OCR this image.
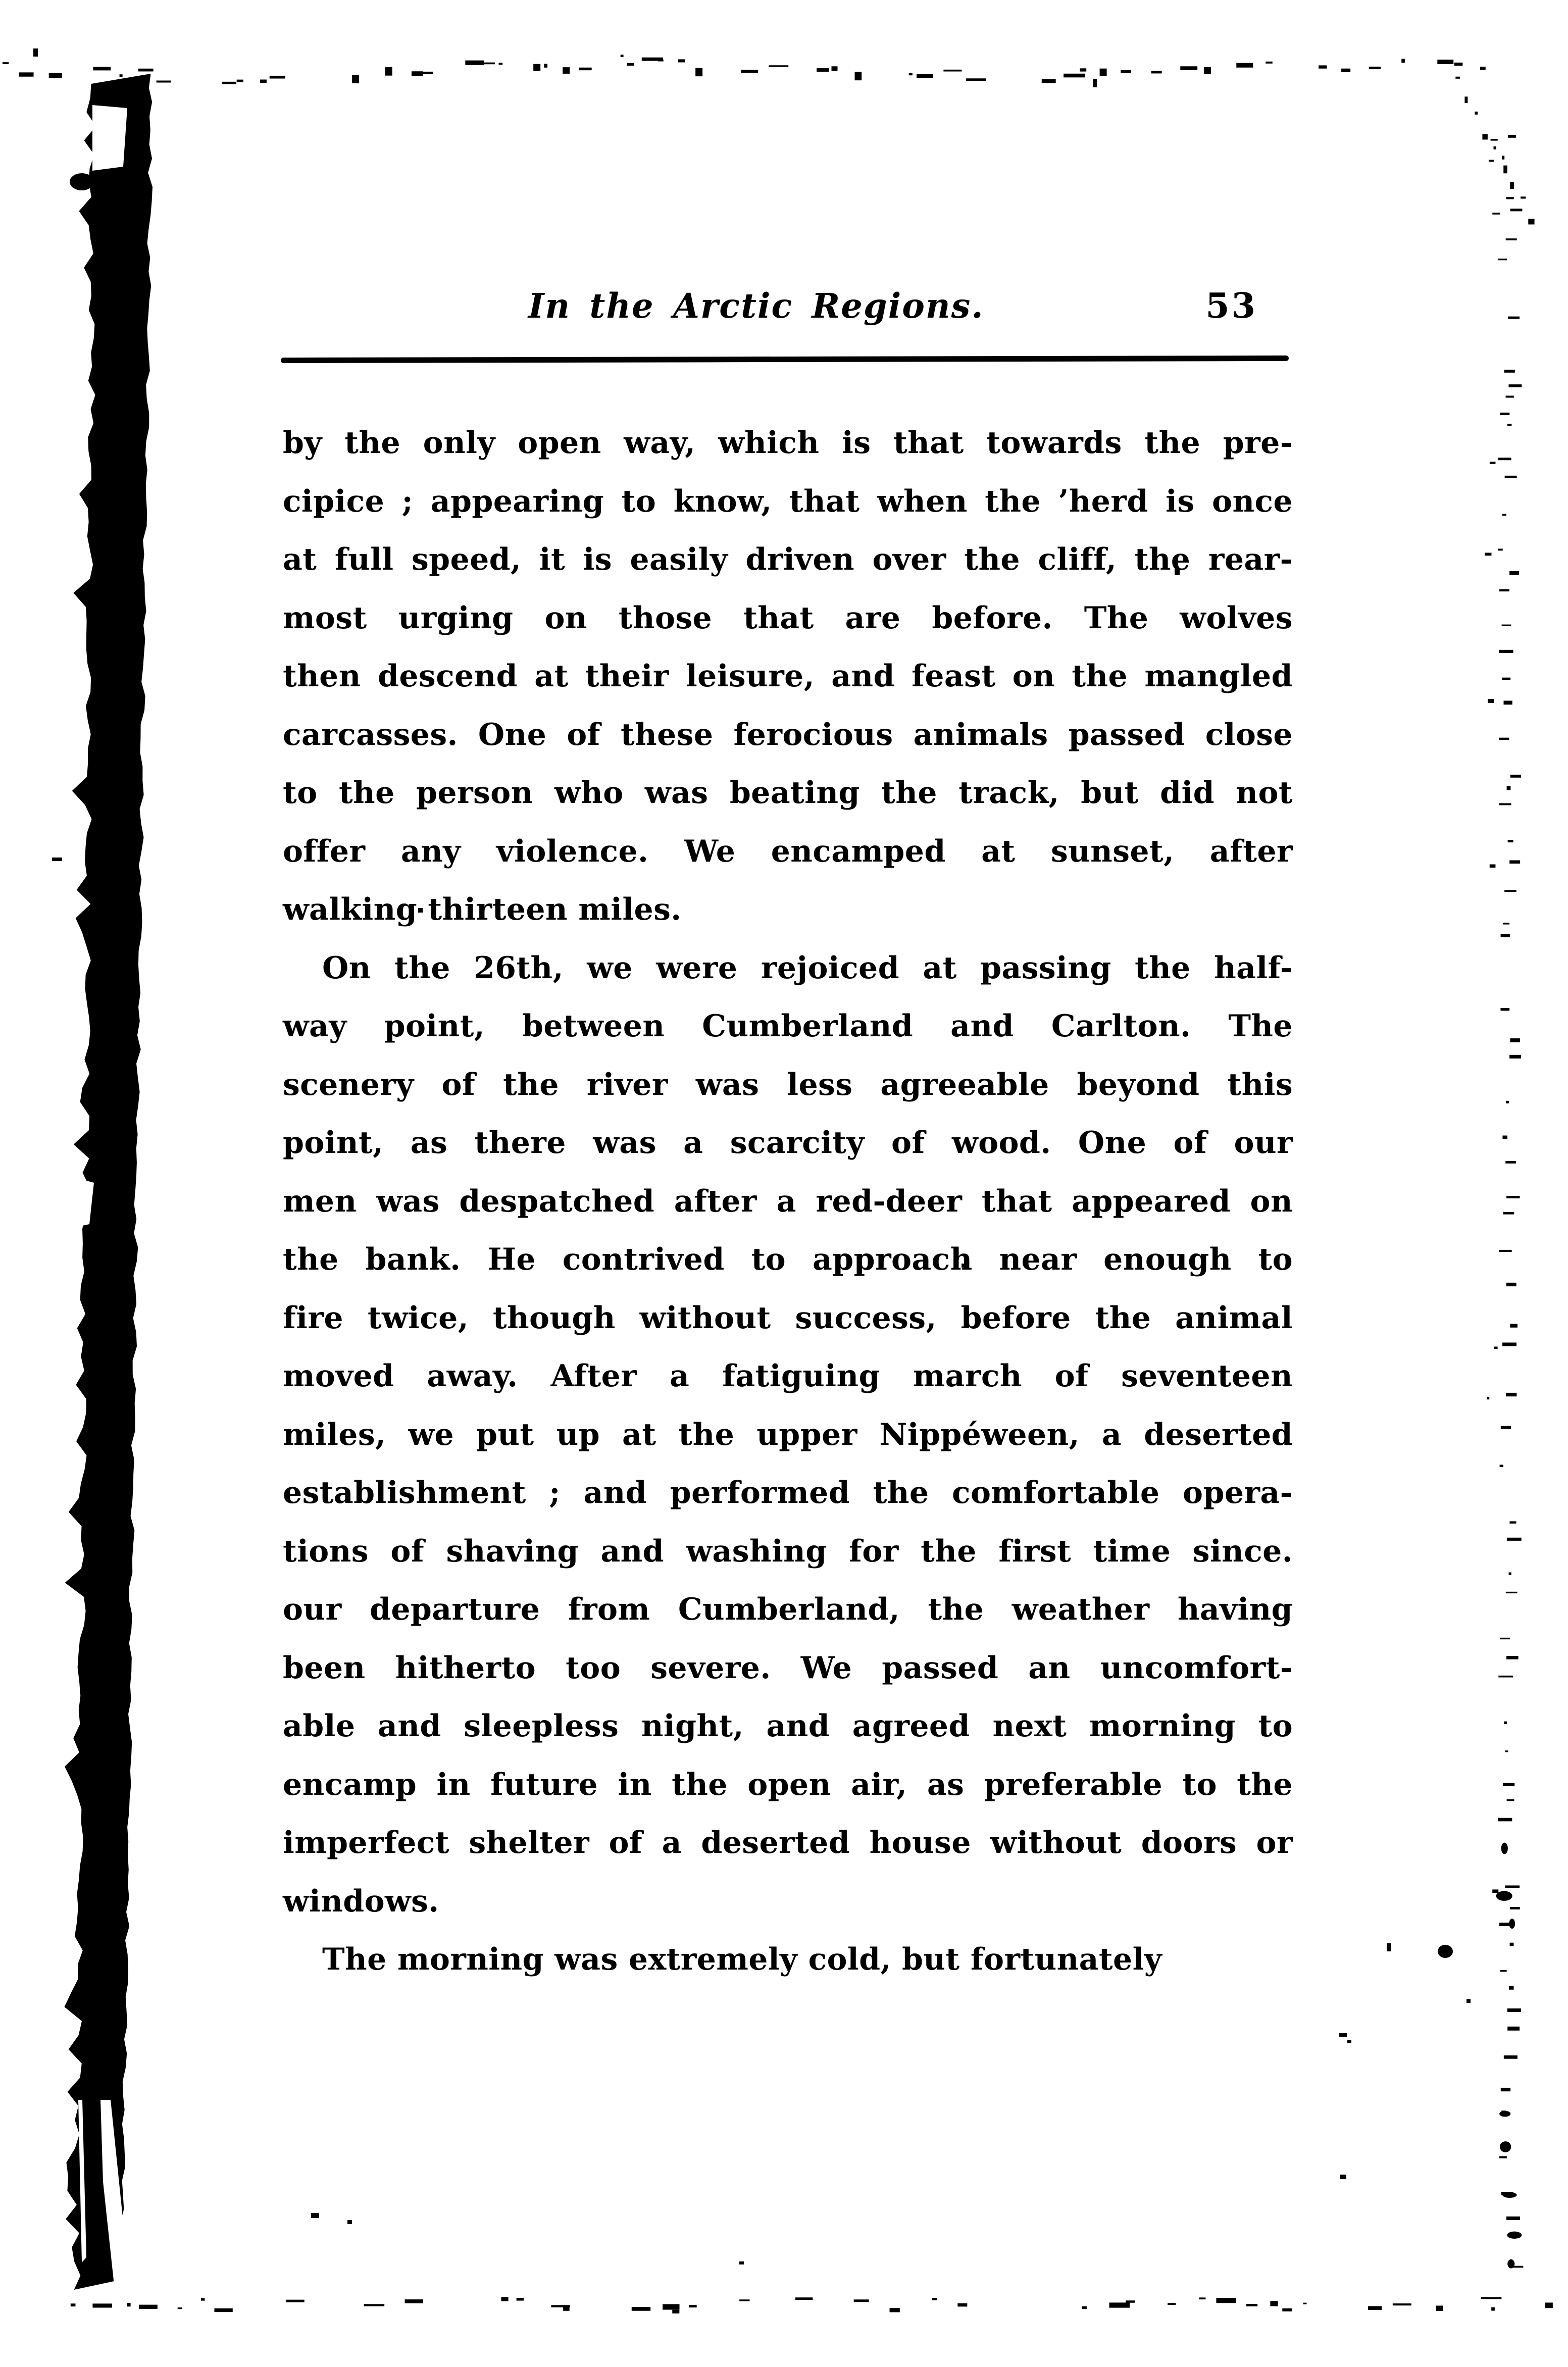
In the Arctic Regions.	53
by the only open way, which is that towards the pre-
cipice ; appearing to know, that when the ’herd is once
at full speed, it is easily driven over the cliff, the rear-
most urging on those that are before. The wolves
then descend at their leisure, and feast on the mangled
carcasses. One of these ferocious animals passed close
to the person who was beating the track, but did not
offer any violence. We encamped at sunset, after
walking thirteen miles.
On the 26th, we were rejoiced at passing the half-
way point, between Cumberland and Carlton. The
scenery of the river was less agreeable beyond this
point, as there was a scarcity of wood. One of our
men was despatched after a red-deer that appeared on
the bank. He contrived to approach near enough to
fire twice, though without success, before the animal
moved away. After a fatiguing march of seventeen
miles, we put up at the upper Nippéween, a deserted
establishment ; and performed the comfortable opera-
tions of shaving and washing for the first time since.
our departure from Cumberland, the weather having
been hitherto too severe. We passed an uncomfort-
able and sleepless night, and agreed next morning to
encamp in future in the open air, as preferable to the
imperfect shelter of a deserted house without doors or
windows.
The morning was extremely cold, but fortunately
